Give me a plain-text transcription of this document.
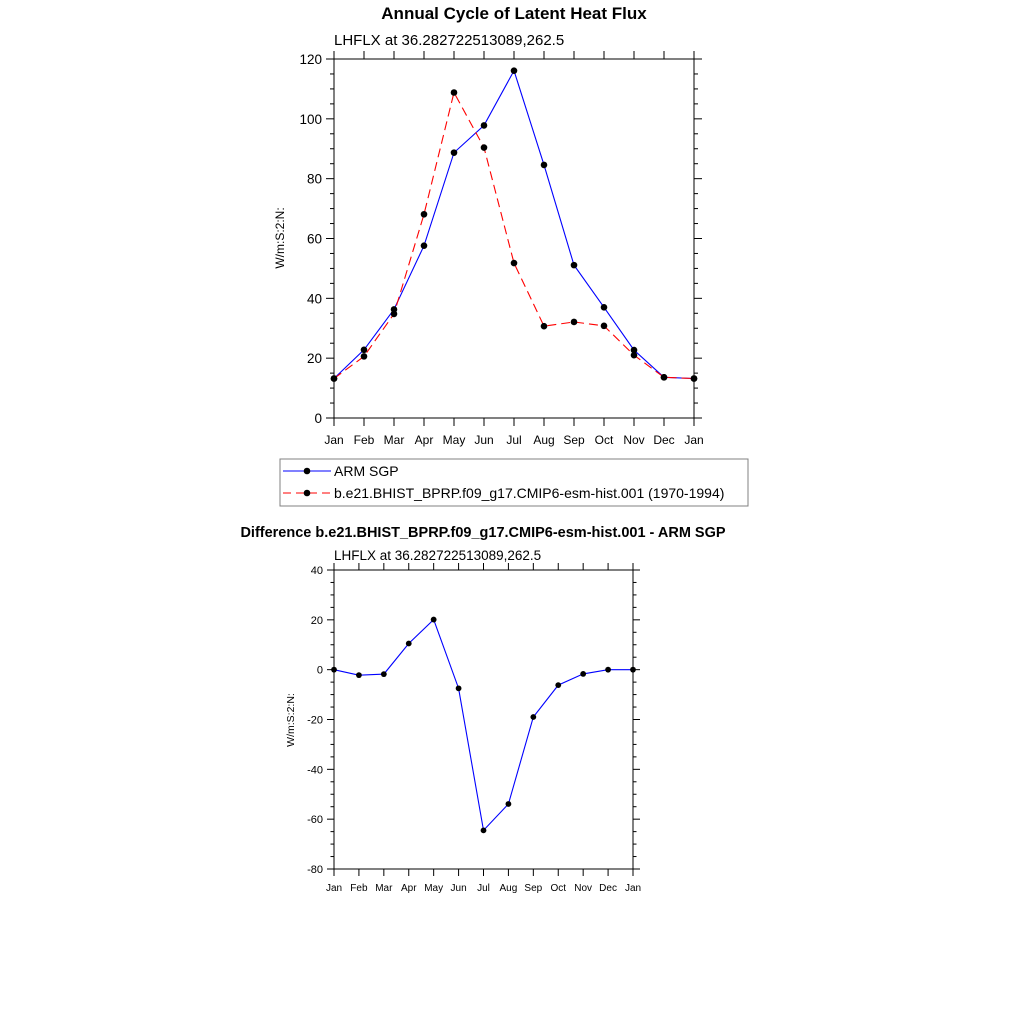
Annual Cycle of Latent Heat Flux
LHFLX at 36.282722513089,262.5
W/m:S:2:N:
0
20
40
60
80
100
120
Jan Feb Mar Apr May Jun Jul Aug Sep Oct Nov Dec Jan
ARM SGP
b.e21.BHIST_BPRP.f09_g17.CMIP6-esm-hist.001 (1970-1994)
Difference b.e21.BHIST_BPRP.f09_g17.CMIP6-esm-hist.001 - ARM SGP
LHFLX at 36.282722513089,262.5
W/m:S:2:N:
-80
-60
-40
-20
0
20
40
Jan Feb Mar Apr May Jun Jul Aug Sep Oct Nov Dec Jan
